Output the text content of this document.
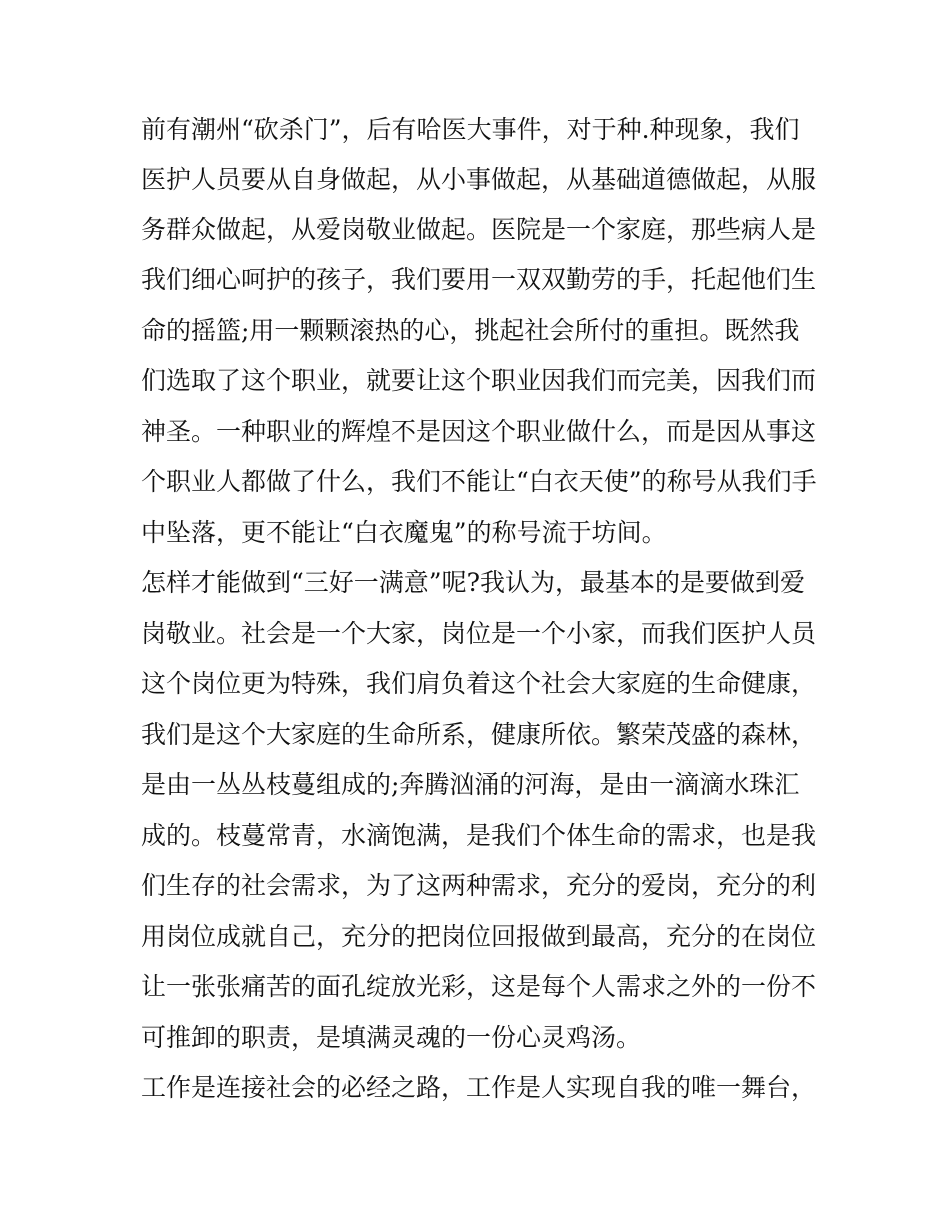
前有潮州“砍杀门”，后有哈医大事件，对于种.种现象，我们
医护人员要从自身做起，从小事做起，从基础道德做起，从服
务群众做起，从爱岗敬业做起。医院是一个家庭，那些病人是
我们细心呵护的孩子，我们要用一双双勤劳的手，托起他们生
命的摇篮;用一颗颗滚热的心，挑起社会所付的重担。既然我
们选取了这个职业，就要让这个职业因我们而完美，因我们而
神圣。一种职业的辉煌不是因这个职业做什么，而是因从事这
个职业人都做了什么，我们不能让“白衣天使”的称号从我们手
中坠落，更不能让“白衣魔鬼”的称号流于坊间。
怎样才能做到“三好一满意”呢?我认为，最基本的是要做到爱
岗敬业。社会是一个大家，岗位是一个小家，而我们医护人员
这个岗位更为特殊，我们肩负着这个社会大家庭的生命健康，
我们是这个大家庭的生命所系，健康所依。繁荣茂盛的森林，
是由一丛丛枝蔓组成的;奔腾汹涌的河海，是由一滴滴水珠汇
成的。枝蔓常青，水滴饱满，是我们个体生命的需求，也是我
们生存的社会需求，为了这两种需求，充分的爱岗，充分的利
用岗位成就自己，充分的把岗位回报做到最高，充分的在岗位
让一张张痛苦的面孔绽放光彩，这是每个人需求之外的一份不
可推卸的职责，是填满灵魂的一份心灵鸡汤。
工作是连接社会的必经之路，工作是人实现自我的唯一舞台，
